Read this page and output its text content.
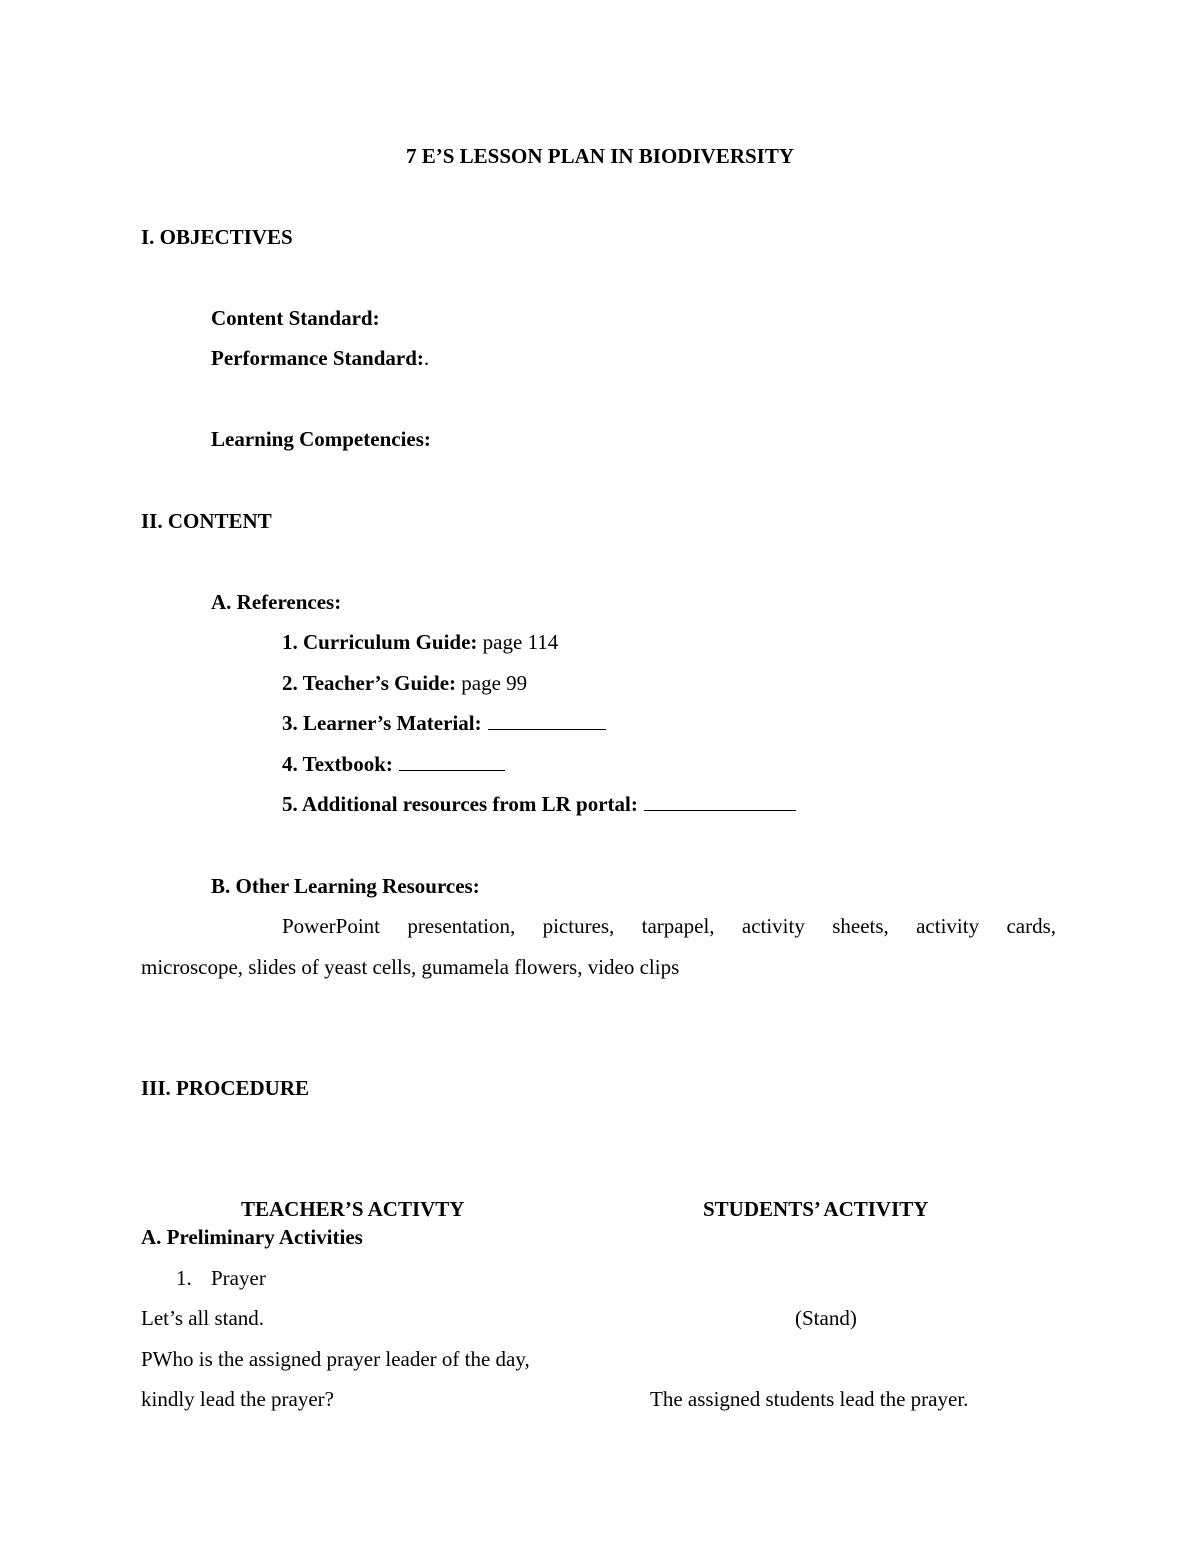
7 E’S LESSON PLAN IN BIODIVERSITY
I. OBJECTIVES
Content Standard:
Performance Standard:.
Learning Competencies:
II. CONTENT
A. References:
1. Curriculum Guide: page 114
2. Teacher’s Guide: page 99
3. Learner’s Material:
4. Textbook:
5. Additional resources from LR portal:
B. Other Learning Resources:
PowerPoint presentation, pictures, tarpapel, activity sheets, activity cards,
microscope, slides of yeast cells, gumamela flowers, video clips
III. PROCEDURE
TEACHER’S ACTIVTY	STUDENTS’ ACTIVITY
A. Preliminary Activities
1. Prayer
Let’s all stand.	(Stand)
PWho is the assigned prayer leader of the day,
kindly lead the prayer?	The assigned students lead the prayer.
